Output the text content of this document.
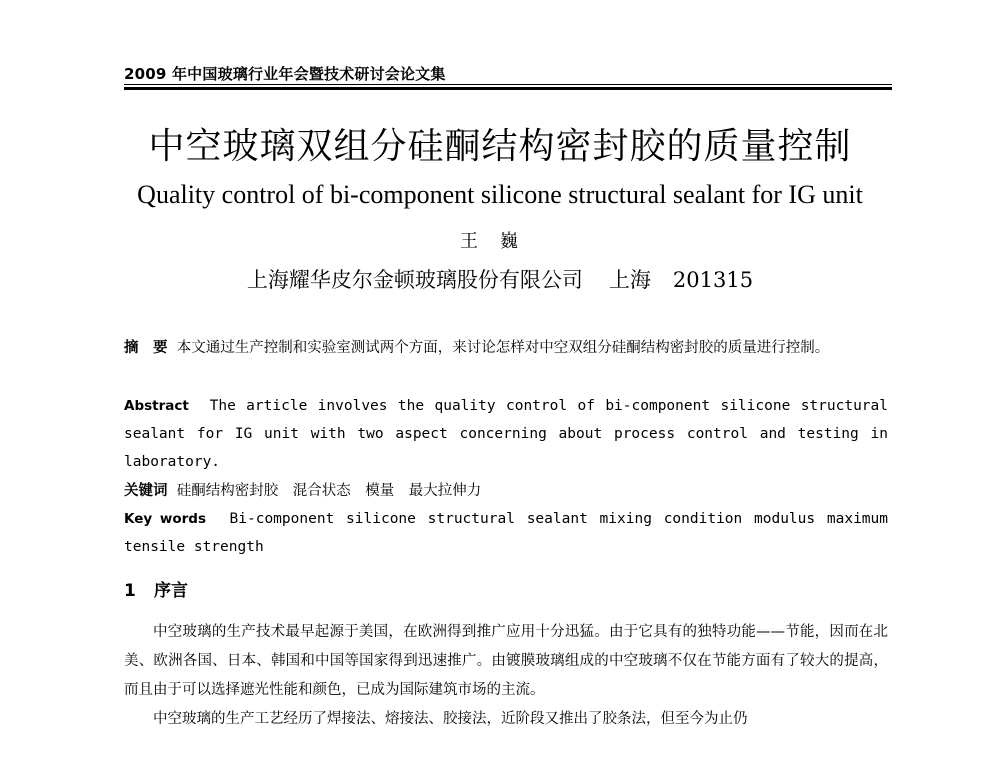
2009 年中国玻璃行业年会暨技术研讨会论文集
中空玻璃双组分硅酮结构密封胶的质量控制
Quality control of bi-component silicone structural sealant for IG unit
王巍
上海耀华皮尔金顿玻璃股份有限公司 上海 201315
摘　要 本文通过生产控制和实验室测试两个方面，来讨论怎样对中空双组分硅酮结构密封胶的质量进行控制。
Abstract The article involves the quality control of bi-component silicone structural sealant for IG unit with two aspect concerning about process control and testing in laboratory.
关键词 硅酮结构密封胶　混合状态　模量　最大拉伸力
Key words Bi-component silicone structural sealant mixing condition modulus maximum tensile strength
1 序言

中空玻璃的生产技术最早起源于美国，在欧洲得到推广应用十分迅猛。由于它具有的独特功能——节能，因而在北美、欧洲各国、日本、韩国和中国等国家得到迅速推广。由镀膜玻璃组成的中空玻璃不仅在节能方面有了较大的提高，而且由于可以选择遮光性能和颜色，已成为国际建筑市场的主流。

中空玻璃的生产工艺经历了焊接法、熔接法、胶接法，近阶段又推出了胶条法，但至今为止仍
